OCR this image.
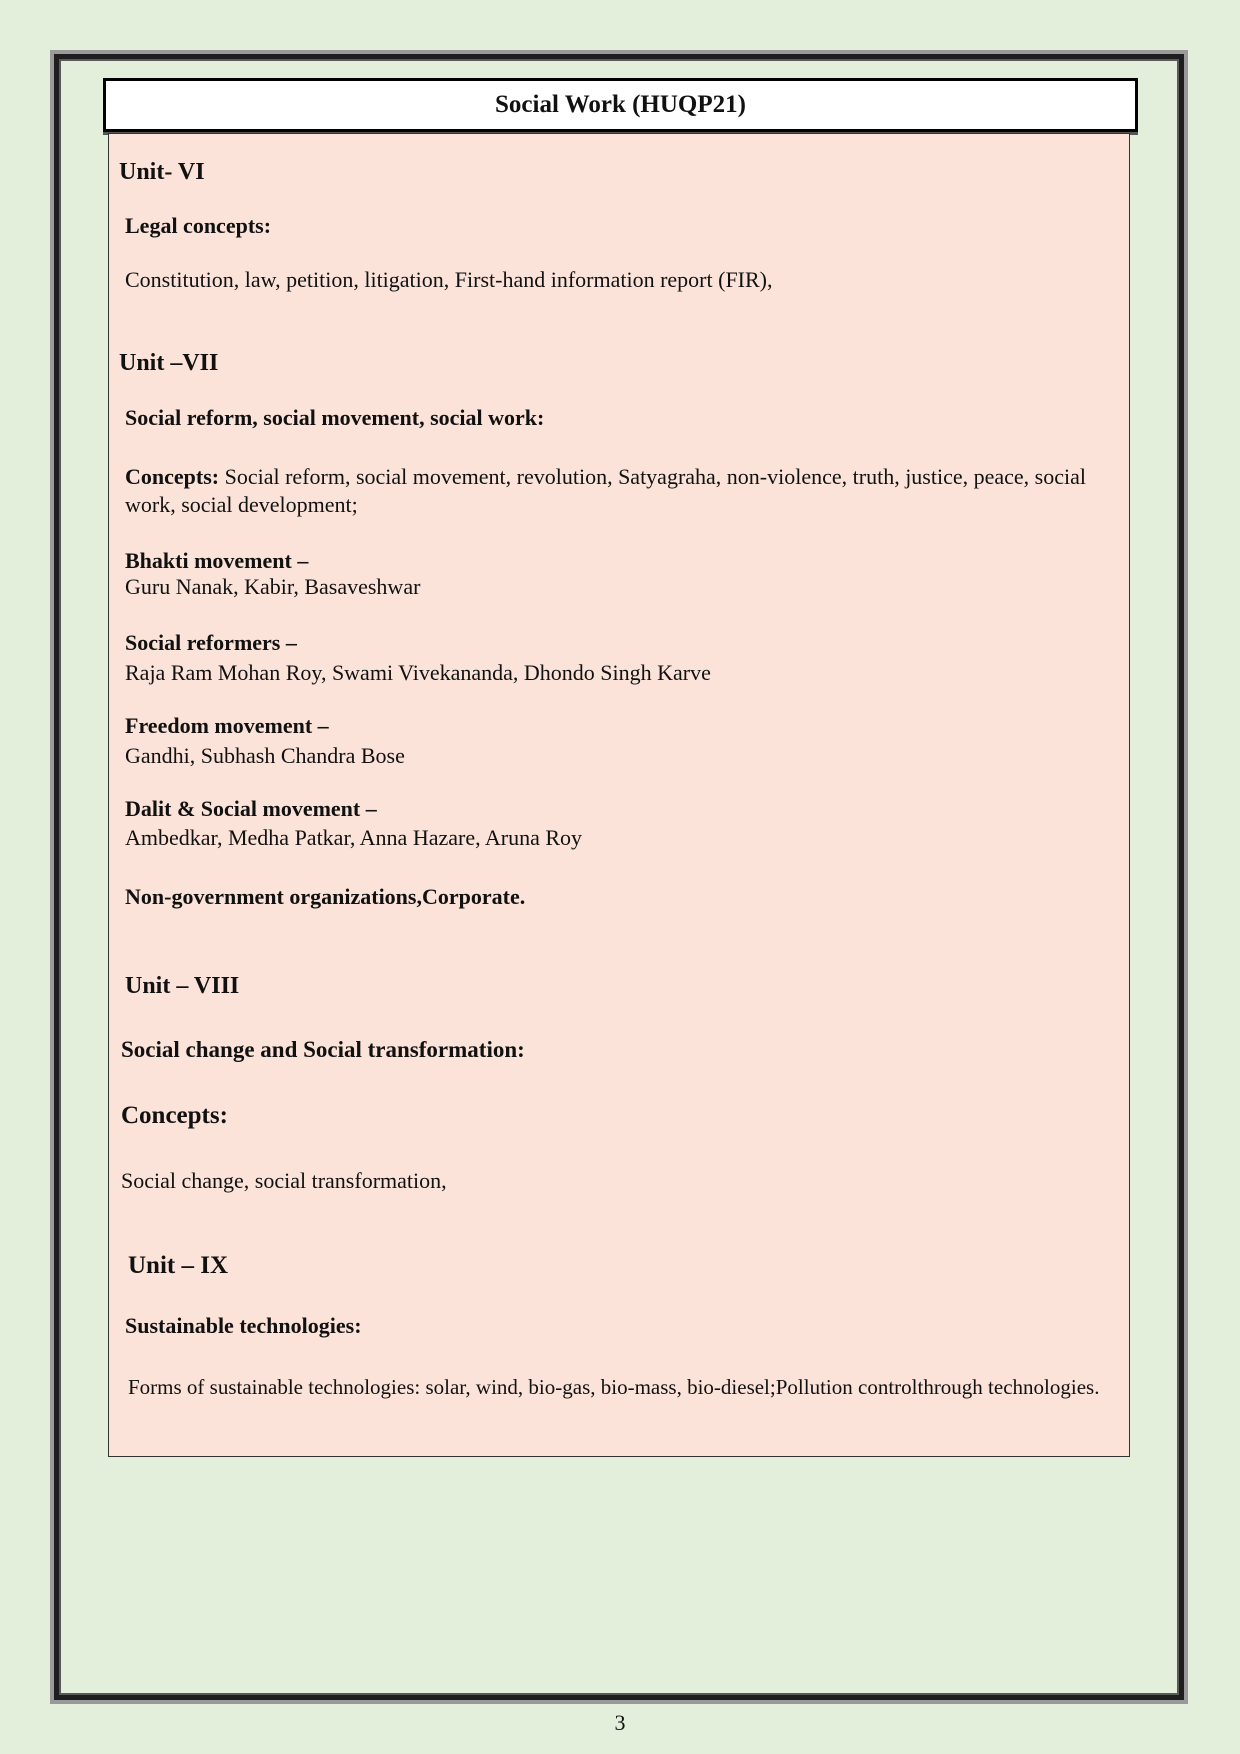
Social Work (HUQP21)
Unit- VI
Legal concepts:
Constitution, law, petition, litigation, First-hand information report (FIR),
Unit –VII
Social reform, social movement, social work:
Concepts: Social reform, social movement, revolution, Satyagraha, non-violence, truth, justice, peace, social work, social development;
Bhakti movement –
Guru Nanak, Kabir, Basaveshwar
Social reformers –
Raja Ram Mohan Roy, Swami Vivekananda, Dhondo Singh Karve
Freedom movement –
Gandhi, Subhash Chandra Bose
Dalit & Social movement –
Ambedkar, Medha Patkar, Anna Hazare, Aruna Roy
Non-government organizations,Corporate.
Unit – VIII
Social change and Social transformation:
Concepts:
Social change, social transformation,
Unit – IX
Sustainable technologies:
Forms of sustainable technologies: solar, wind, bio-gas, bio-mass, bio-diesel;Pollution controlthrough technologies.
3
